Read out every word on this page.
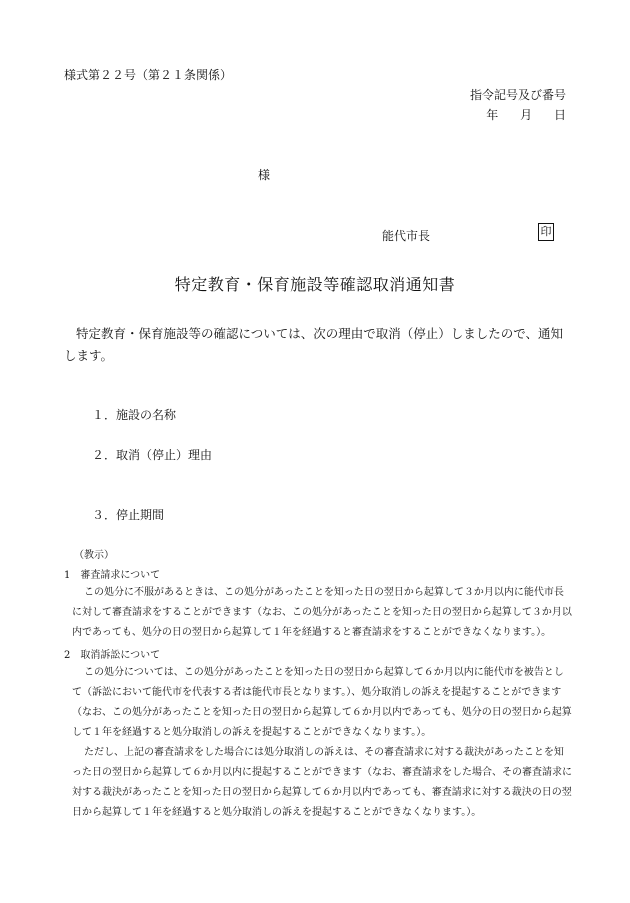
様式第２２号（第２１条関係）
指令記号及び番号
年 月 日
様
能代市長	印
特定教育・保育施設等確認取消通知書
特定教育・保育施設等の確認については、次の理由で取消（停止）しましたので、通知します。
１．施設の名称
２．取消（停止）理由
３．停止期間
（教示）
1　審査請求について
この処分に不服があるときは、この処分があったことを知った日の翌日から起算して３か月以内に能代市長に対して審査請求をすることができます（なお、この処分があったことを知った日の翌日から起算して３か月以内であっても、処分の日の翌日から起算して１年を経過すると審査請求をすることができなくなります。）。
2　取消訴訟について
この処分については、この処分があったことを知った日の翌日から起算して６か月以内に能代市を被告として（訴訟において能代市を代表する者は能代市長となります。）、処分取消しの訴えを提起することができます（なお、この処分があったことを知った日の翌日から起算して６か月以内であっても、処分の日の翌日から起算して１年を経過すると処分取消しの訴えを提起することができなくなります。）。
ただし、上記の審査請求をした場合には処分取消しの訴えは、その審査請求に対する裁決があったことを知った日の翌日から起算して６か月以内に提起することができます（なお、審査請求をした場合、その審査請求に対する裁決があったことを知った日の翌日から起算して６か月以内であっても、審査請求に対する裁決の日の翌日から起算して１年を経過すると処分取消しの訴えを提起することができなくなります。）。
